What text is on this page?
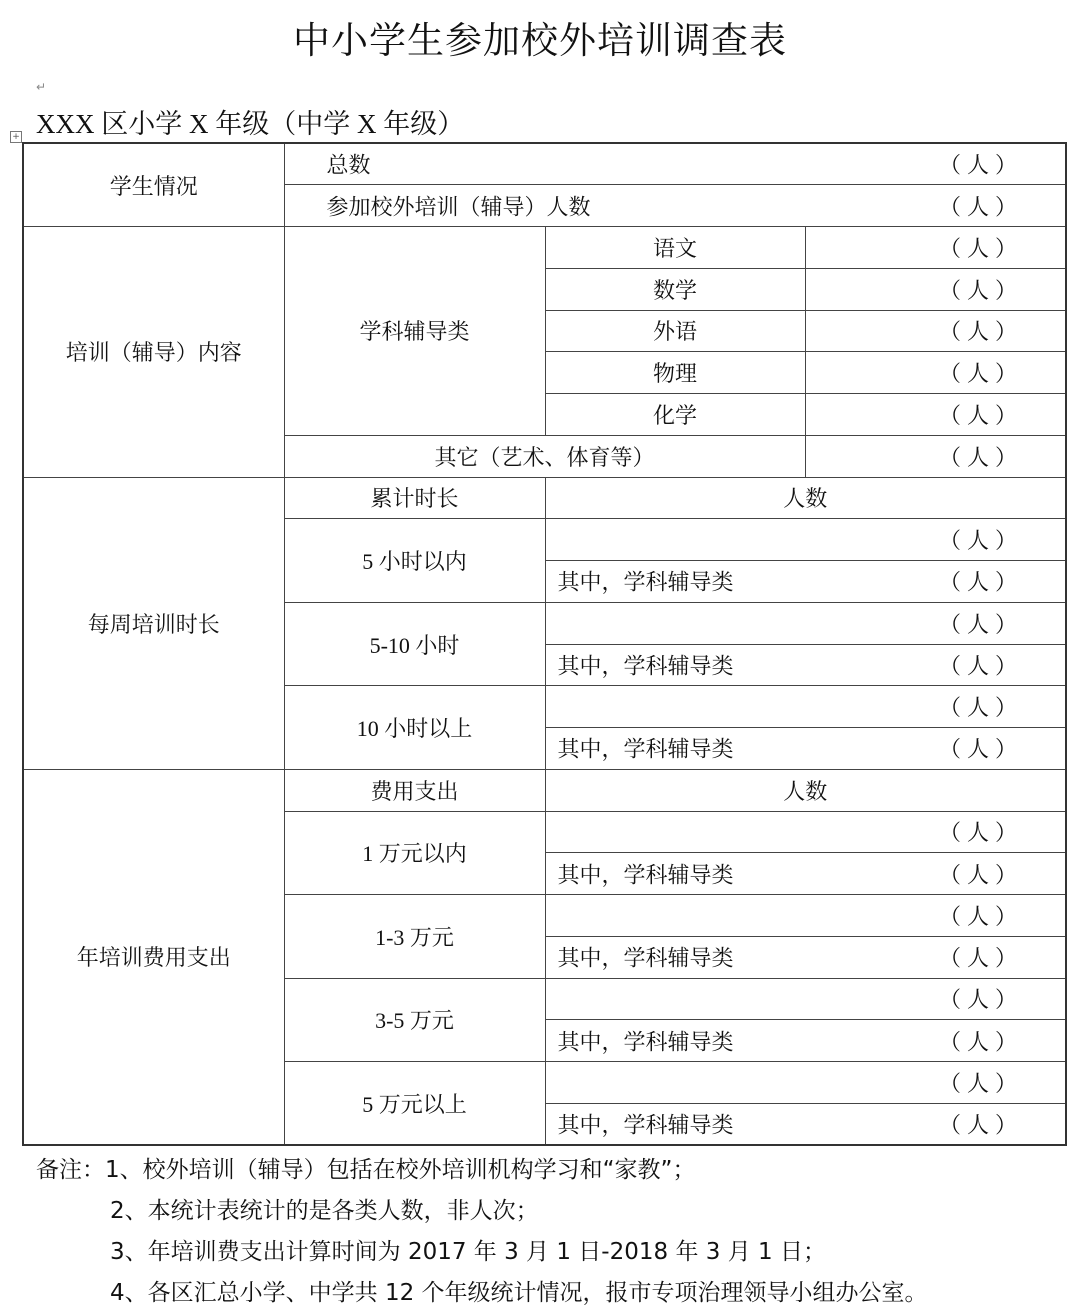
中小学生参加校外培训调查表
↵
XXX 区小学 X 年级（中学 X 年级）
+
学生情况	总数 （人）		

	参加校外培训（辅导）人数 （人）		

培训（辅导）内容	学科辅导类	语文	（人）
		数学	（人）
		外语	（人）
		物理	（人）
		化学	（人）
	其它（艺术、体育等）		（人）
每周培训时长	累计时长	人数	
	5 小时以内	（人）	

		其中，学科辅导类 （人）	

	5-10 小时	（人）	

		其中，学科辅导类 （人）	

	10 小时以上	（人）	

		其中，学科辅导类 （人）	

年培训费用支出	费用支出	人数	
	1 万元以内	（人）	

		其中，学科辅导类 （人）	

	1-3 万元	（人）	

		其中，学科辅导类 （人）	

	3-5 万元	（人）	

		其中，学科辅导类 （人）	

	5 万元以上	（人）	

		其中，学科辅导类 （人）	
备注：1、校外培训（辅导）包括在校外培训机构学习和“家教”；
2、本统计表统计的是各类人数，非人次；
3、年培训费支出计算时间为 2017 年 3 月 1 日-2018 年 3 月 1 日；
4、各区汇总小学、中学共 12 个年级统计情况，报市专项治理领导小组办公室。
